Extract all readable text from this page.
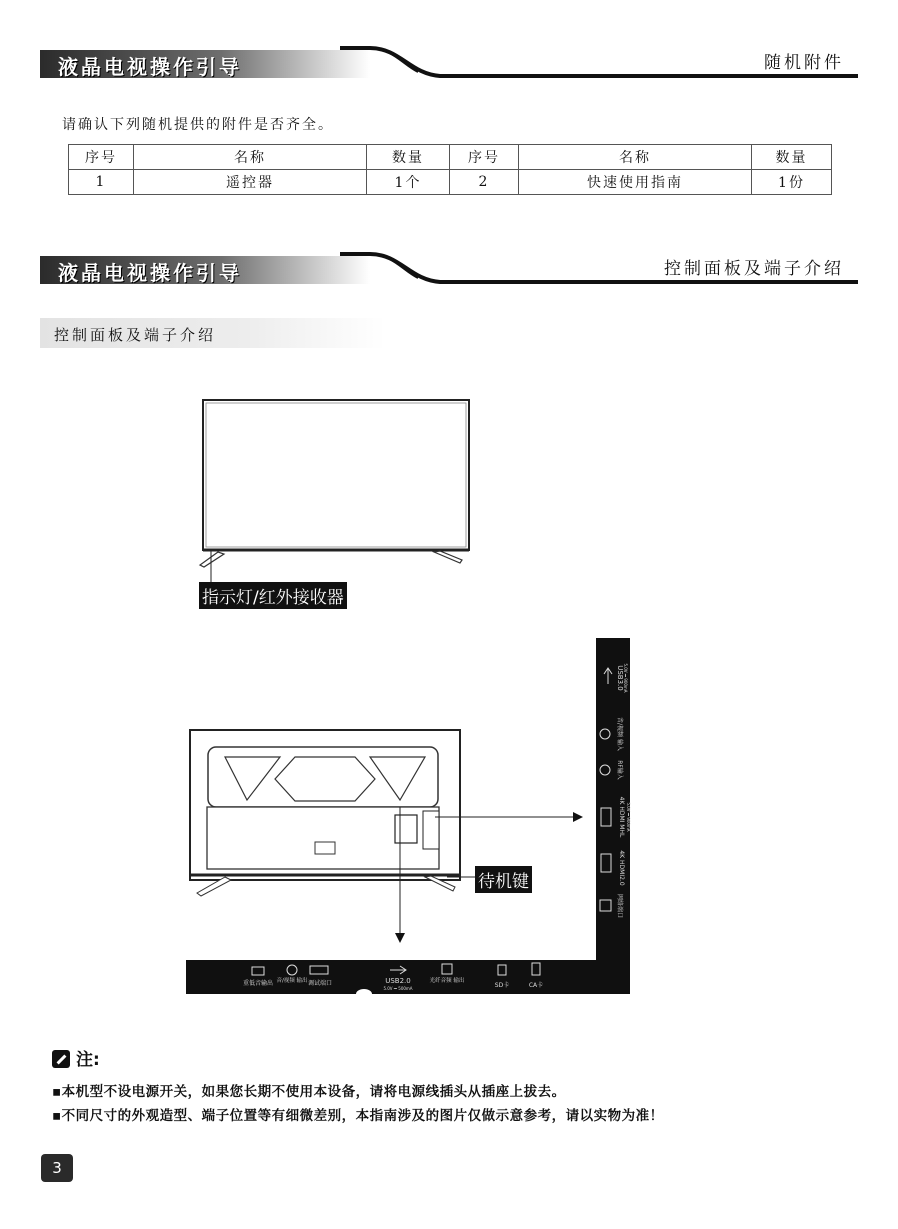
液晶电视操作引导	随机附件
请确认下列随机提供的附件是否齐全。
序号	名称	数量	序号	名称	数量
1	遥控器	1个	2	快速使用指南	1份
液晶电视操作引导	控制面板及端子介绍
控制面板及端子介绍
指示灯/红外接收器
待机键
重低音输出 音/视频 输出 调试端口	USB2.0
5.0V ⎓ 500mA
光纤音频 输出
SD卡	CA卡
USB3.0 5.0V ⎓ 900mA
音/视频 输入
RF输入
4K HDMI MHL 5.0V ⎓ 900mA
4K HDMI2.0
网络端口
注:
▪本机型不设电源开关，如果您长期不使用本设备，请将电源线插头从插座上拔去。
▪不同尺寸的外观造型、端子位置等有细微差别，本指南涉及的图片仅做示意参考，请以实物为准！
3
